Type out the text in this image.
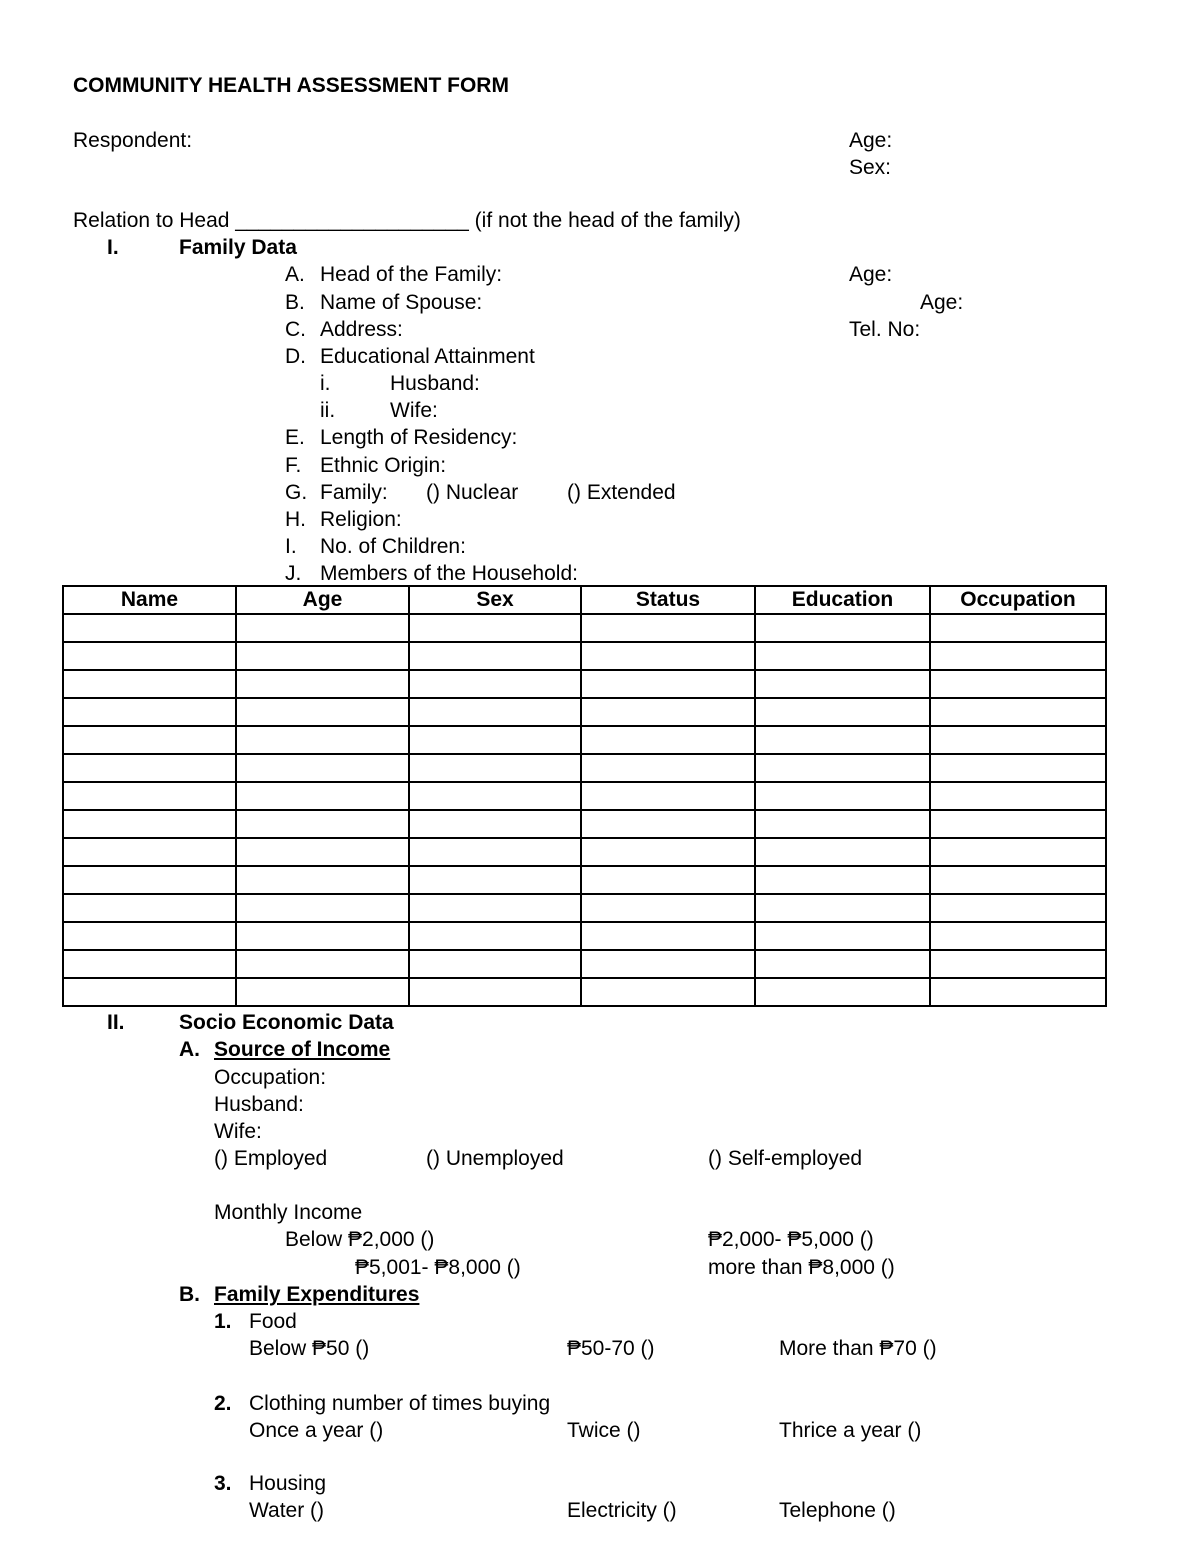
COMMUNITY HEALTH ASSESSMENT FORM
Respondent:	Age:
Sex:
Relation to Head ____________________ (if not the head of the family)
I.	Family Data
A. Head of the Family:	Age:
B. Name of Spouse:	Age:
C. Address:	Tel. No:
D. Educational Attainment
i.	Husband:
ii.	Wife:
E. Length of Residency:
F. Ethnic Origin:
G. Family: () Nuclear () Extended
H. Religion:
I. No. of Children:
J. Members of the Household:
Name	Age	Sex	Status	Education	Occupation

II.	Socio Economic Data
A. Source of Income
Occupation:
Husband:
Wife:
() Employed	() Unemployed	() Self-employed
Monthly Income
Below ₱2,000 ()	₱2,000- ₱5,000 ()
₱5,001- ₱8,000 ()	more than ₱8,000 ()
B. Family Expenditures
1. Food
Below ₱50 ()	₱50-70 ()	More than ₱70 ()
2. Clothing number of times buying
Once a year ()	Twice ()	Thrice a year ()
3. Housing
Water ()	Electricity ()	Telephone ()
